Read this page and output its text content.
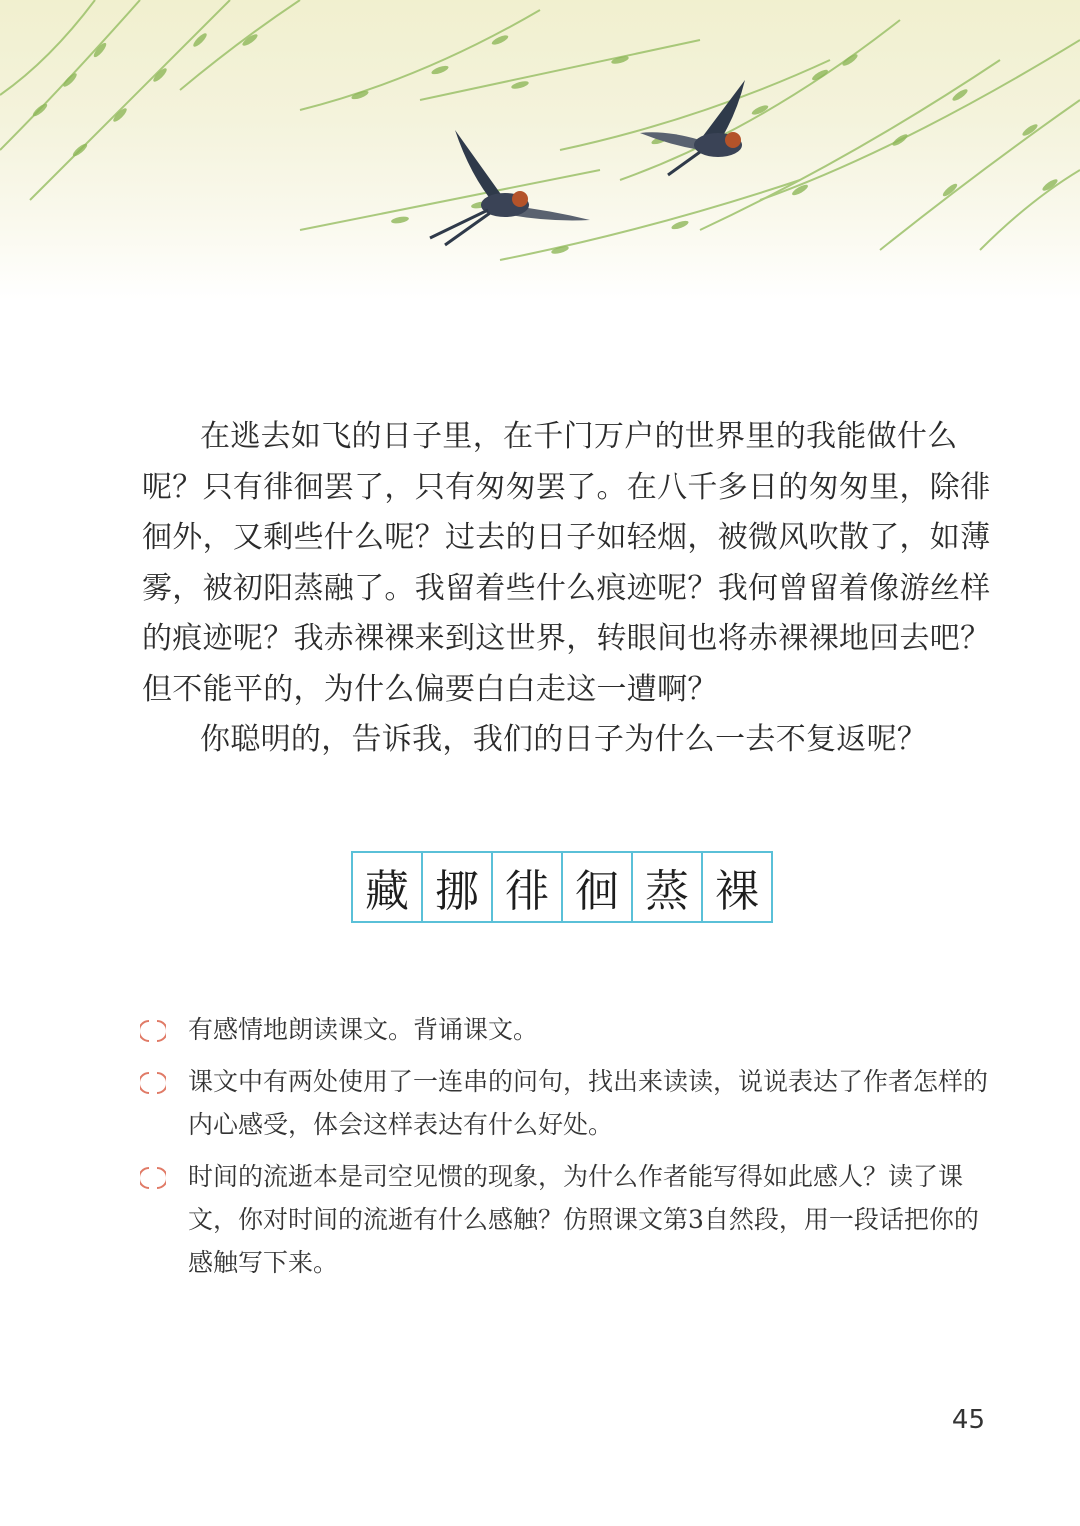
在逃去如飞的日子里，在千门万户的世界里的我能做什么呢？只有徘徊罢了，只有匆匆罢了。在八千多日的匆匆里，除徘徊外，又剩些什么呢？过去的日子如轻烟，被微风吹散了，如薄雾，被初阳蒸融了。我留着些什么痕迹呢？我何曾留着像游丝样的痕迹呢？我赤裸裸来到这世界，转眼间也将赤裸裸地回去吧？但不能平的，为什么偏要白白走这一遭啊？

你聪明的，告诉我，我们的日子为什么一去不复返呢？

藏 挪 徘 徊 蒸 裸
有感情地朗读课文。背诵课文。
课文中有两处使用了一连串的问句，找出来读读，说说表达了作者怎样的内心感受，体会这样表达有什么好处。
时间的流逝本是司空见惯的现象，为什么作者能写得如此感人？读了课文，你对时间的流逝有什么感触？仿照课文第3自然段，用一段话把你的感触写下来。
45
